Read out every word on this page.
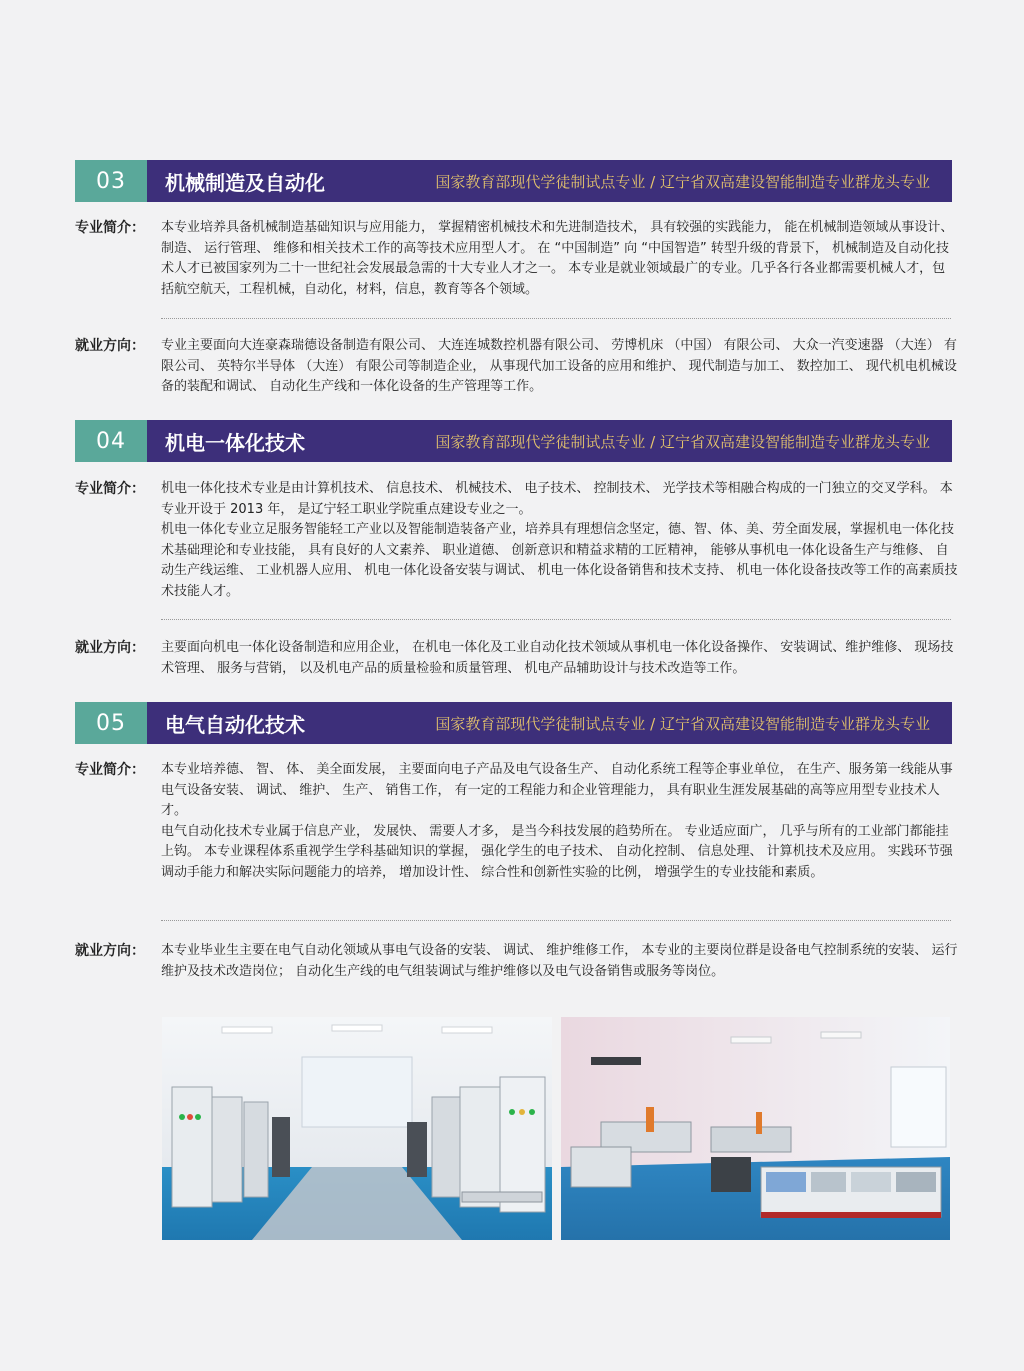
03	机械制造及自动化	国家教育部现代学徒制试点专业 / 辽宁省双高建设智能制造专业群龙头专业
专业简介：	本专业培养具备机械制造基础知识与应用能力， 掌握精密机械技术和先进制造技术， 具有较强的实践能力， 能在机械制造领域从事设计、 制造、 运行管理、 维修和相关技术工作的高等技术应用型人才。 在 “中国制造” 向 “中国智造” 转型升级的背景下， 机械制造及自动化技术人才已被国家列为二十一世纪社会发展最急需的十大专业人才之一。 本专业是就业领域最广的专业。几乎各行各业都需要机械人才，包括航空航天，工程机械，自动化，材料，信息，教育等各个领域。

就业方向：	专业主要面向大连豪森瑞德设备制造有限公司、 大连连城数控机器有限公司、 劳博机床 （中国） 有限公司、 大众一汽变速器 （大连） 有限公司、 英特尔半导体 （大连） 有限公司等制造企业， 从事现代加工设备的应用和维护、 现代制造与加工、 数控加工、 现代机电机械设备的装配和调试、 自动化生产线和一体化设备的生产管理等工作。

04	机电一体化技术	国家教育部现代学徒制试点专业 / 辽宁省双高建设智能制造专业群龙头专业
专业简介：	机电一体化技术专业是由计算机技术、 信息技术、 机械技术、 电子技术、 控制技术、 光学技术等相融合构成的一门独立的交叉学科。 本专业开设于 2013 年， 是辽宁轻工职业学院重点建设专业之一。

机电一体化专业立足服务智能轻工产业以及智能制造装备产业，培养具有理想信念坚定，德、智、体、美、劳全面发展，掌握机电一体化技术基础理论和专业技能， 具有良好的人文素养、 职业道德、 创新意识和精益求精的工匠精神， 能够从事机电一体化设备生产与维修、 自动生产线运维、 工业机器人应用、 机电一体化设备安装与调试、 机电一体化设备销售和技术支持、 机电一体化设备技改等工作的高素质技术技能人才。

就业方向：	主要面向机电一体化设备制造和应用企业， 在机电一体化及工业自动化技术领域从事机电一体化设备操作、 安装调试、维护维修、 现场技术管理、 服务与营销， 以及机电产品的质量检验和质量管理、 机电产品辅助设计与技术改造等工作。

05	电气自动化技术	国家教育部现代学徒制试点专业 / 辽宁省双高建设智能制造专业群龙头专业
专业简介：	本专业培养德、 智、 体、 美全面发展， 主要面向电子产品及电气设备生产、 自动化系统工程等企事业单位， 在生产、服务第一线能从事电气设备安装、 调试、 维护、 生产、 销售工作， 有一定的工程能力和企业管理能力， 具有职业生涯发展基础的高等应用型专业技术人才。

电气自动化技术专业属于信息产业， 发展快、 需要人才多， 是当今科技发展的趋势所在。 专业适应面广， 几乎与所有的工业部门都能挂上钩。 本专业课程体系重视学生学科基础知识的掌握， 强化学生的电子技术、 自动化控制、 信息处理、 计算机技术及应用。 实践环节强调动手能力和解决实际问题能力的培养， 增加设计性、 综合性和创新性实验的比例， 增强学生的专业技能和素质。

就业方向：	本专业毕业生主要在电气自动化领域从事电气设备的安装、 调试、 维护维修工作， 本专业的主要岗位群是设备电气控制系统的安装、 运行维护及技术改造岗位； 自动化生产线的电气组装调试与维护维修以及电气设备销售或服务等岗位。
